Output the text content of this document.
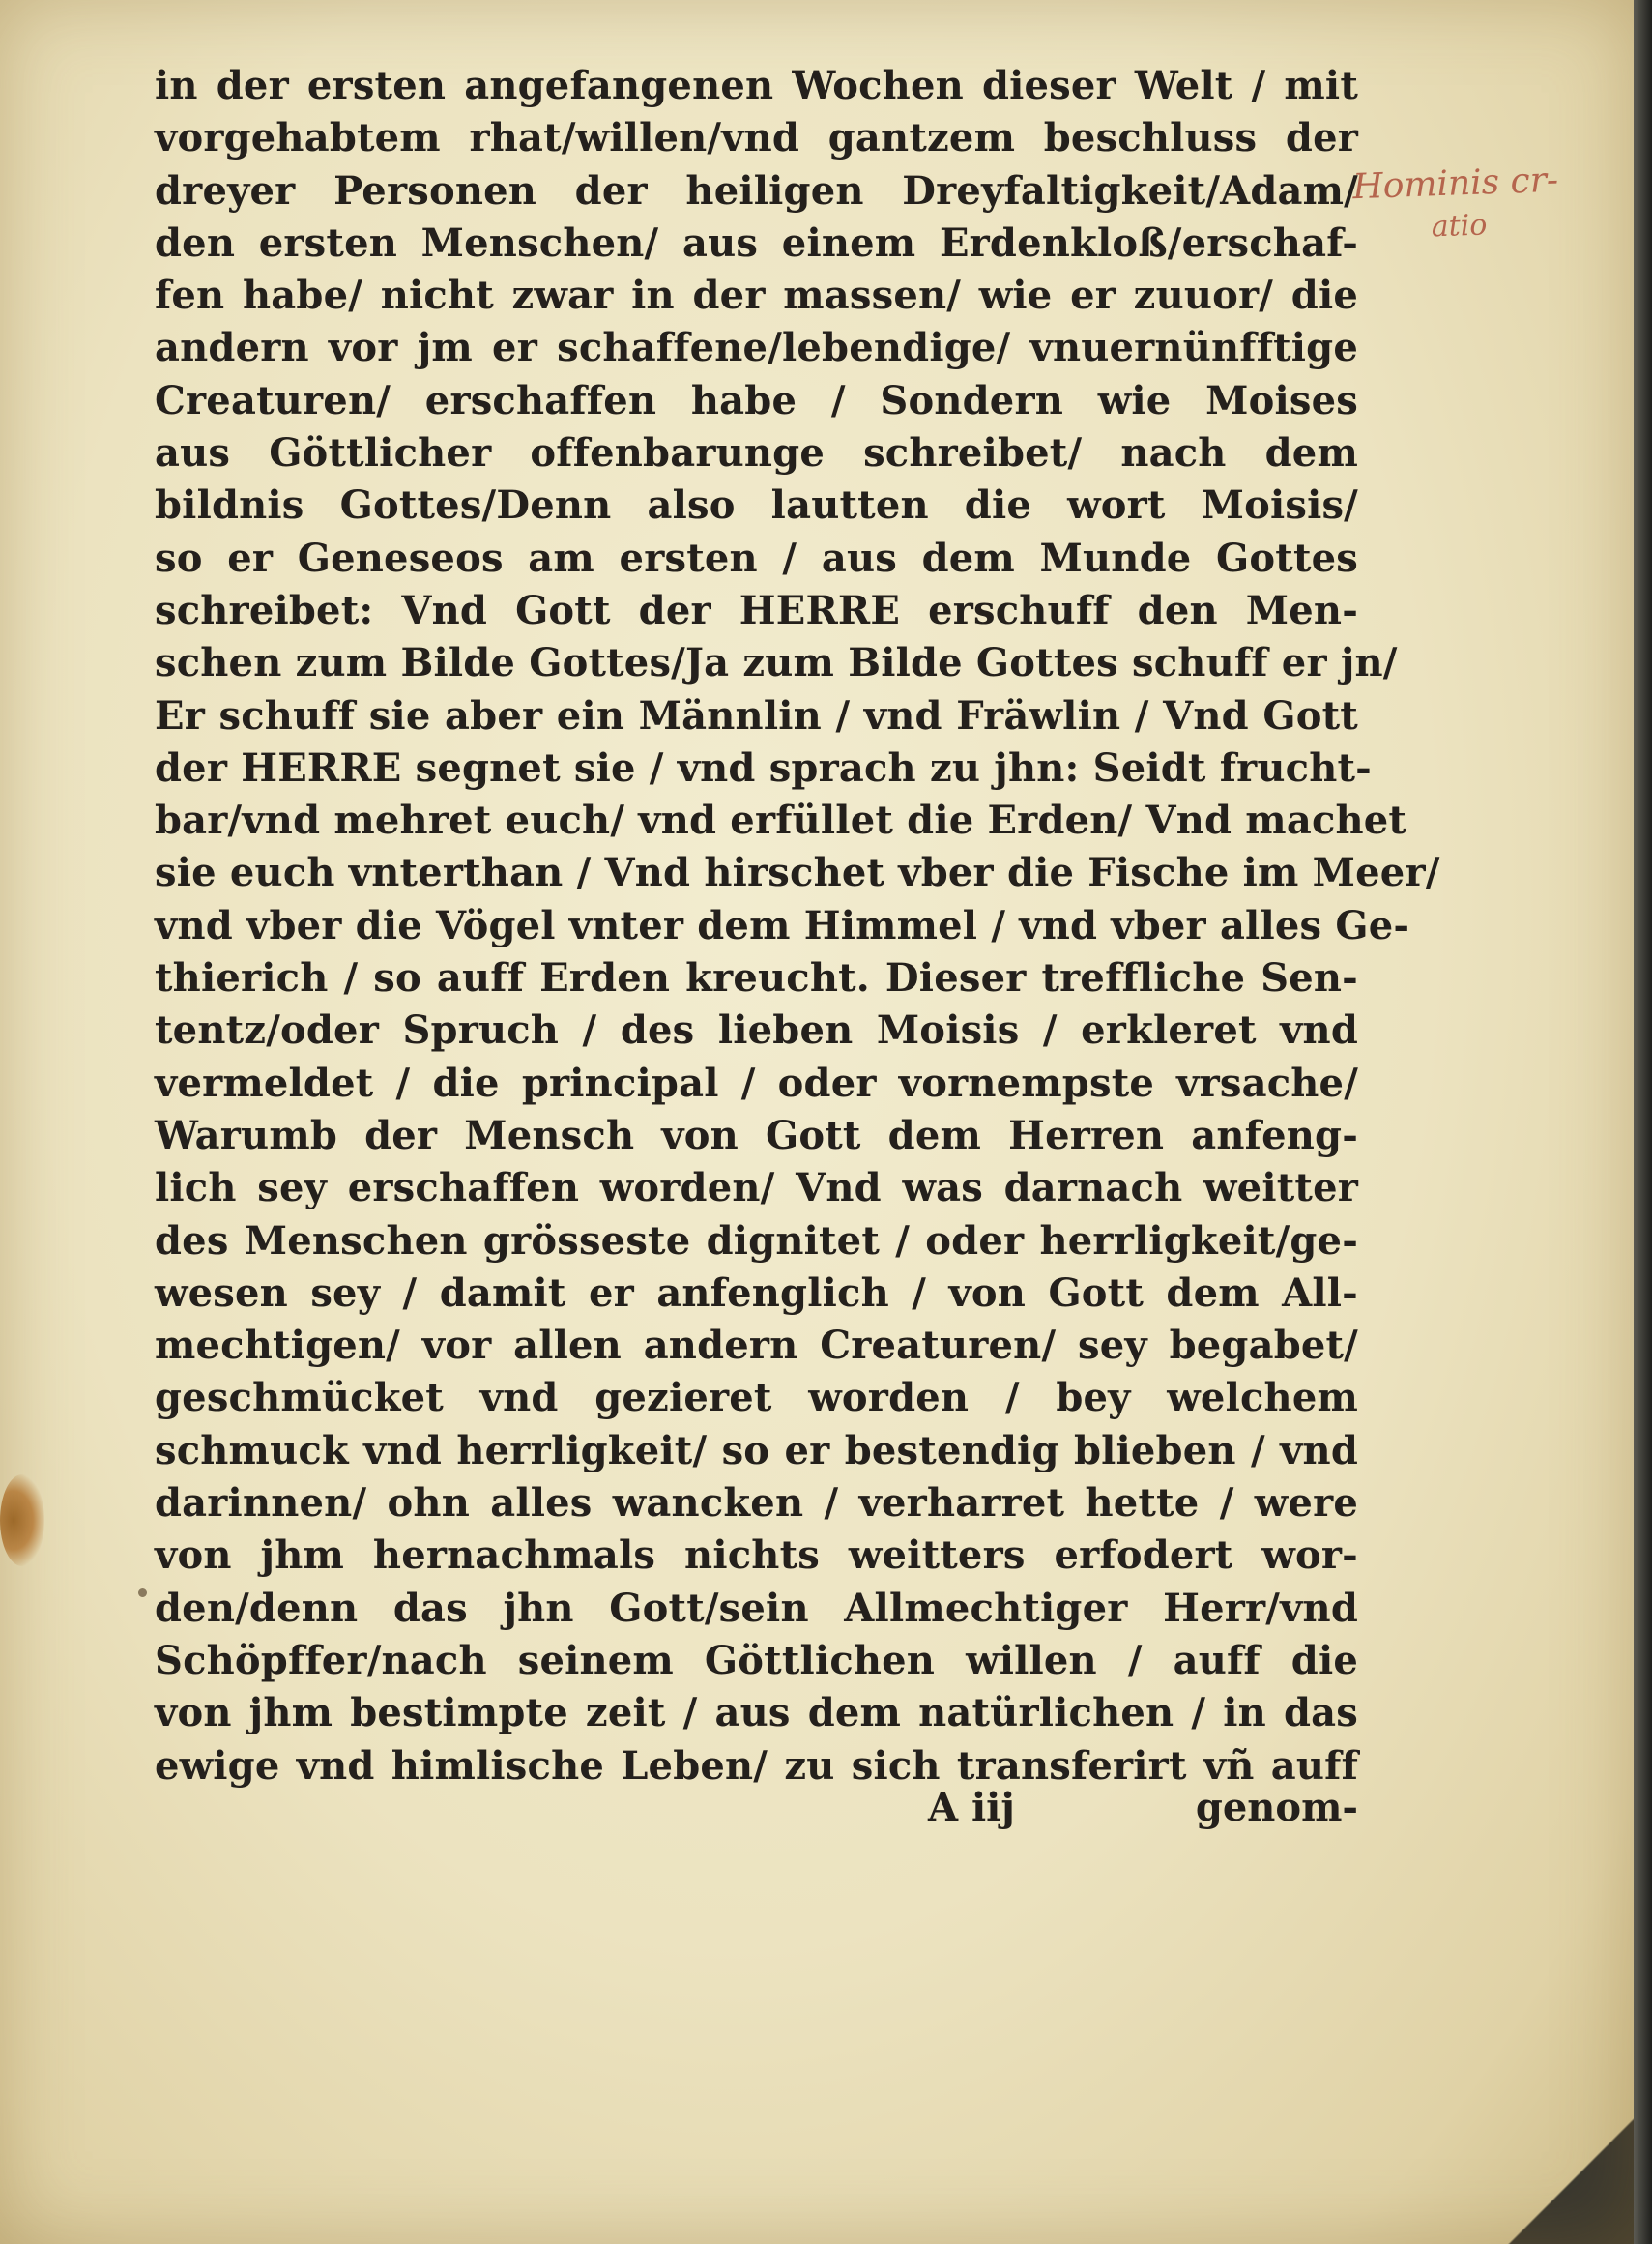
in der ersten angefangenen Wochen dieser Welt / mit
vorgehabtem rhat/willen/vnd gantzem beschluss der
dreyer Personen der heiligen Dreyfaltigkeit/Adam/
den ersten Menschen/ aus einem Erdenkloß/erschaf-
fen habe/ nicht zwar in der massen/ wie er zuuor/ die
andern vor jm er schaffene/lebendige/ vnuernünfftige
Creaturen/ erschaffen habe / Sondern wie Moises
aus Göttlicher offenbarunge schreibet/ nach dem
bildnis Gottes/Denn also lautten die wort Moisis/
so er Geneseos am ersten / aus dem Munde Gottes
schreibet: Vnd Gott der HERRE erschuff den Men-
schen zum Bilde Gottes/Ja zum Bilde Gottes schuff er jn/
Er schuff sie aber ein Männlin / vnd Fräwlin / Vnd Gott
der HERRE segnet sie / vnd sprach zu jhn: Seidt frucht-
bar/vnd mehret euch/ vnd erfüllet die Erden/ Vnd machet
sie euch vnterthan / Vnd hirschet vber die Fische im Meer/
vnd vber die Vögel vnter dem Himmel / vnd vber alles Ge-
thierich / so auff Erden kreucht. Dieser treffliche Sen-
tentz/oder Spruch / des lieben Moisis / erkleret vnd
vermeldet / die principal / oder vornempste vrsache/
Warumb der Mensch von Gott dem Herren anfeng-
lich sey erschaffen worden/ Vnd was darnach weitter
des Menschen grösseste dignitet / oder herrligkeit/ge-
wesen sey / damit er anfenglich / von Gott dem All-
mechtigen/ vor allen andern Creaturen/ sey begabet/
geschmücket vnd gezieret worden / bey welchem
schmuck vnd herrligkeit/ so er bestendig blieben / vnd
darinnen/ ohn alles wancken / verharret hette / were
von jhm hernachmals nichts weitters erfodert wor-
den/denn das jhn Gott/sein Allmechtiger Herr/vnd
Schöpffer/nach seinem Göttlichen willen / auff die
von jhm bestimpte zeit / aus dem natürlichen / in das
ewige vnd himlische Leben/ zu sich transferirt vñ auff
A iij	genom-
Hominis cr-
atio
